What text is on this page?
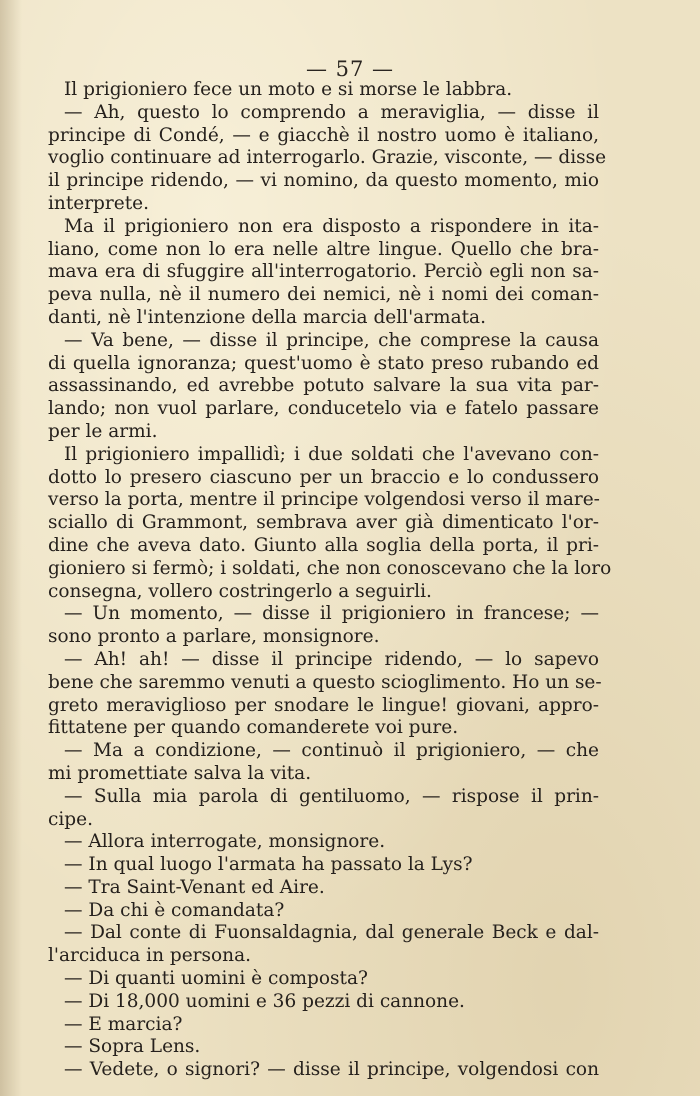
— 57 —
Il prigioniero fece un moto e si morse le labbra.
— Ah, questo lo comprendo a meraviglia, — disse il
principe di Condé, — e giacchè il nostro uomo è italiano,
voglio continuare ad interrogarlo. Grazie, visconte, — disse
il principe ridendo, — vi nomino, da questo momento, mio
interprete.
Ma il prigioniero non era disposto a rispondere in ita-
liano, come non lo era nelle altre lingue. Quello che bra-
mava era di sfuggire all'interrogatorio. Perciò egli non sa-
peva nulla, nè il numero dei nemici, nè i nomi dei coman-
danti, nè l'intenzione della marcia dell'armata.
— Va bene, — disse il principe, che comprese la causa
di quella ignoranza; quest'uomo è stato preso rubando ed
assassinando, ed avrebbe potuto salvare la sua vita par-
lando; non vuol parlare, conducetelo via e fatelo passare
per le armi.
Il prigioniero impallidì; i due soldati che l'avevano con-
dotto lo presero ciascuno per un braccio e lo condussero
verso la porta, mentre il principe volgendosi verso il mare-
sciallo di Grammont, sembrava aver già dimenticato l'or-
dine che aveva dato. Giunto alla soglia della porta, il pri-
gioniero si fermò; i soldati, che non conoscevano che la loro
consegna, vollero costringerlo a seguirli.
— Un momento, — disse il prigioniero in francese; —
sono pronto a parlare, monsignore.
— Ah! ah! — disse il principe ridendo, — lo sapevo
bene che saremmo venuti a questo scioglimento. Ho un se-
greto meraviglioso per snodare le lingue! giovani, appro-
fittatene per quando comanderete voi pure.
— Ma a condizione, — continuò il prigioniero, — che
mi promettiate salva la vita.
— Sulla mia parola di gentiluomo, — rispose il prin-
cipe.
— Allora interrogate, monsignore.
— In qual luogo l'armata ha passato la Lys?
— Tra Saint-Venant ed Aire.
— Da chi è comandata?
— Dal conte di Fuonsaldagnia, dal generale Beck e dal-
l'arciduca in persona.
— Di quanti uomini è composta?
— Di 18,000 uomini e 36 pezzi di cannone.
— E marcia?
— Sopra Lens.
— Vedete, o signori? — disse il principe, volgendosi con
